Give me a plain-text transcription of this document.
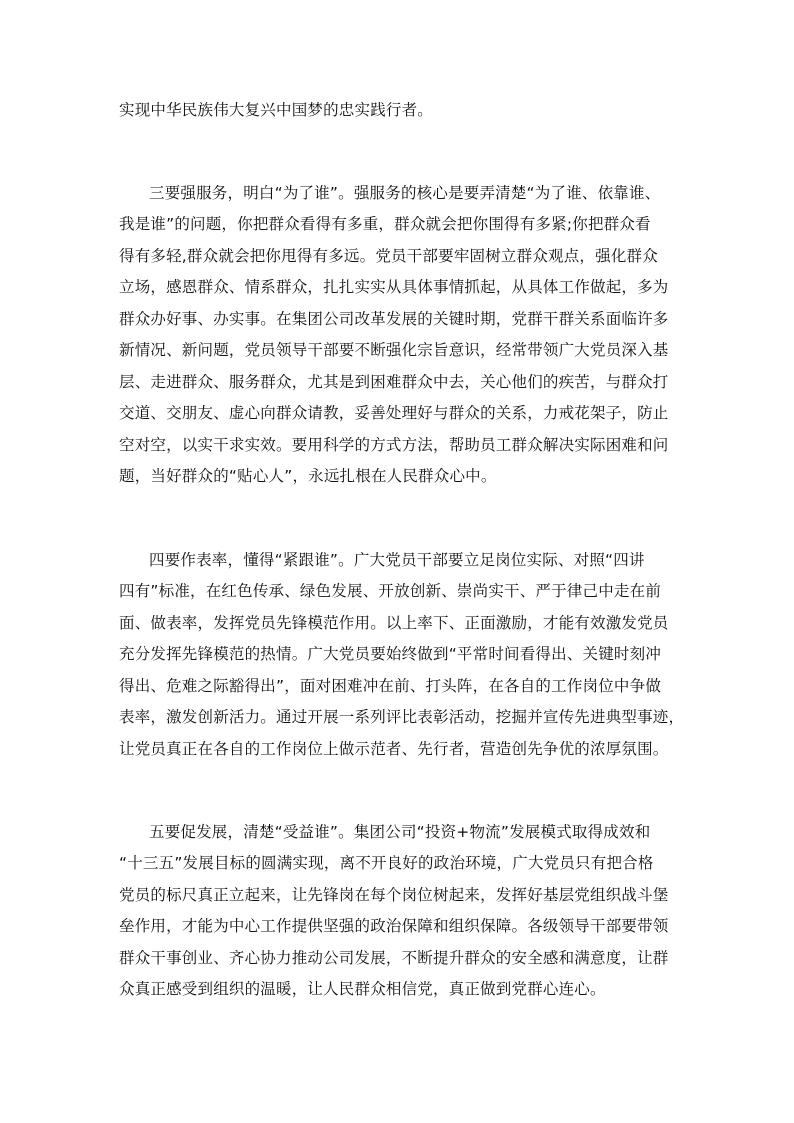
实现中华民族伟大复兴中国梦的忠实践行者。
三要强服务，明白“为了谁”。强服务的核心是要弄清楚“为了谁、依靠谁、
我是谁”的问题，你把群众看得有多重，群众就会把你围得有多紧;你把群众看
得有多轻,群众就会把你甩得有多远。党员干部要牢固树立群众观点，强化群众
立场，感恩群众、情系群众，扎扎实实从具体事情抓起，从具体工作做起，多为
群众办好事、办实事。在集团公司改革发展的关键时期，党群干群关系面临许多
新情况、新问题，党员领导干部要不断强化宗旨意识，经常带领广大党员深入基
层、走进群众、服务群众，尤其是到困难群众中去，关心他们的疾苦，与群众打
交道、交朋友、虚心向群众请教，妥善处理好与群众的关系，力戒花架子，防止
空对空，以实干求实效。要用科学的方式方法，帮助员工群众解决实际困难和问
题，当好群众的“贴心人”，永远扎根在人民群众心中。
四要作表率，懂得“紧跟谁”。广大党员干部要立足岗位实际、对照“四讲
四有”标准，在红色传承、绿色发展、开放创新、崇尚实干、严于律己中走在前
面、做表率，发挥党员先锋模范作用。以上率下、正面激励，才能有效激发党员
充分发挥先锋模范的热情。广大党员要始终做到“平常时间看得出、关键时刻冲
得出、危难之际豁得出”，面对困难冲在前、打头阵，在各自的工作岗位中争做
表率，激发创新活力。通过开展一系列评比表彰活动，挖掘并宣传先进典型事迹，
让党员真正在各自的工作岗位上做示范者、先行者，营造创先争优的浓厚氛围。
五要促发展，清楚“受益谁”。集团公司“投资+物流”发展模式取得成效和
“十三五”发展目标的圆满实现，离不开良好的政治环境，广大党员只有把合格
党员的标尺真正立起来，让先锋岗在每个岗位树起来，发挥好基层党组织战斗堡
垒作用，才能为中心工作提供坚强的政治保障和组织保障。各级领导干部要带领
群众干事创业、齐心协力推动公司发展，不断提升群众的安全感和满意度，让群
众真正感受到组织的温暖，让人民群众相信党，真正做到党群心连心。
